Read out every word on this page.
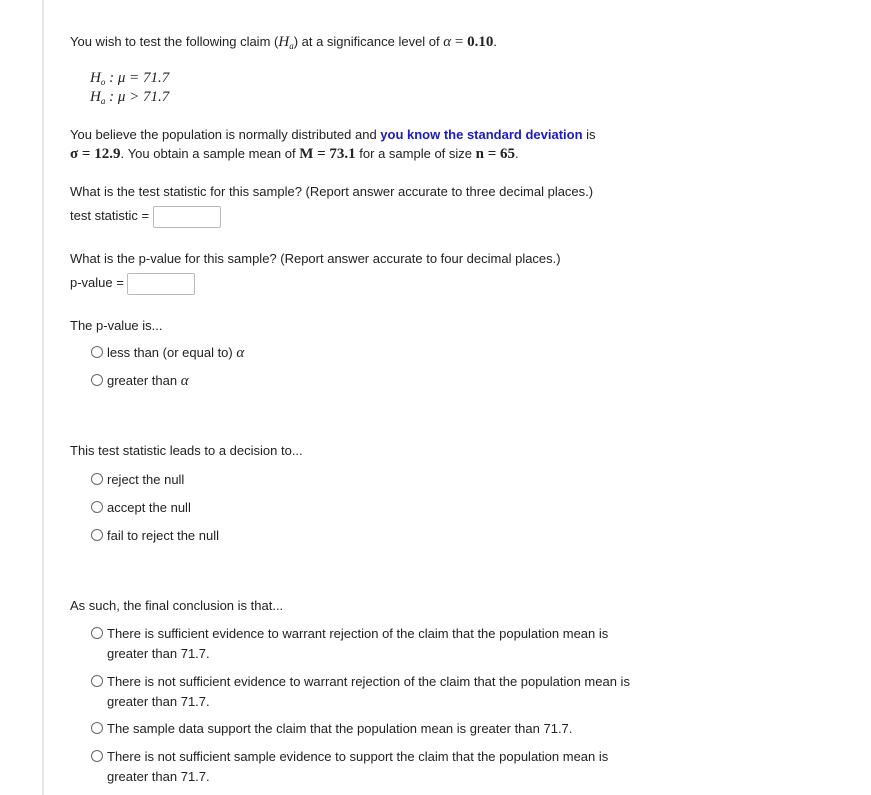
You wish to test the following claim $(H_a)$ at a significance level of α = 0.10.
$H_o$ : μ = 71.7
$H_a$ : μ > 71.7
You believe the population is normally distributed and you know the standard deviation is
σ = 12.9. You obtain a sample mean of M = 73.1 for a sample of size n = 65.
What is the test statistic for this sample? (Report answer accurate to three decimal places.)
test statistic =
What is the p-value for this sample? (Report answer accurate to four decimal places.)
p-value =
The p-value is...
less than (or equal to) α
greater than α
This test statistic leads to a decision to...
reject the null
accept the null
fail to reject the null
As such, the final conclusion is that...
There is sufficient evidence to warrant rejection of the claim that the population mean is
greater than 71.7.
There is not sufficient evidence to warrant rejection of the claim that the population mean is
greater than 71.7.
The sample data support the claim that the population mean is greater than 71.7.
There is not sufficient sample evidence to support the claim that the population mean is
greater than 71.7.
